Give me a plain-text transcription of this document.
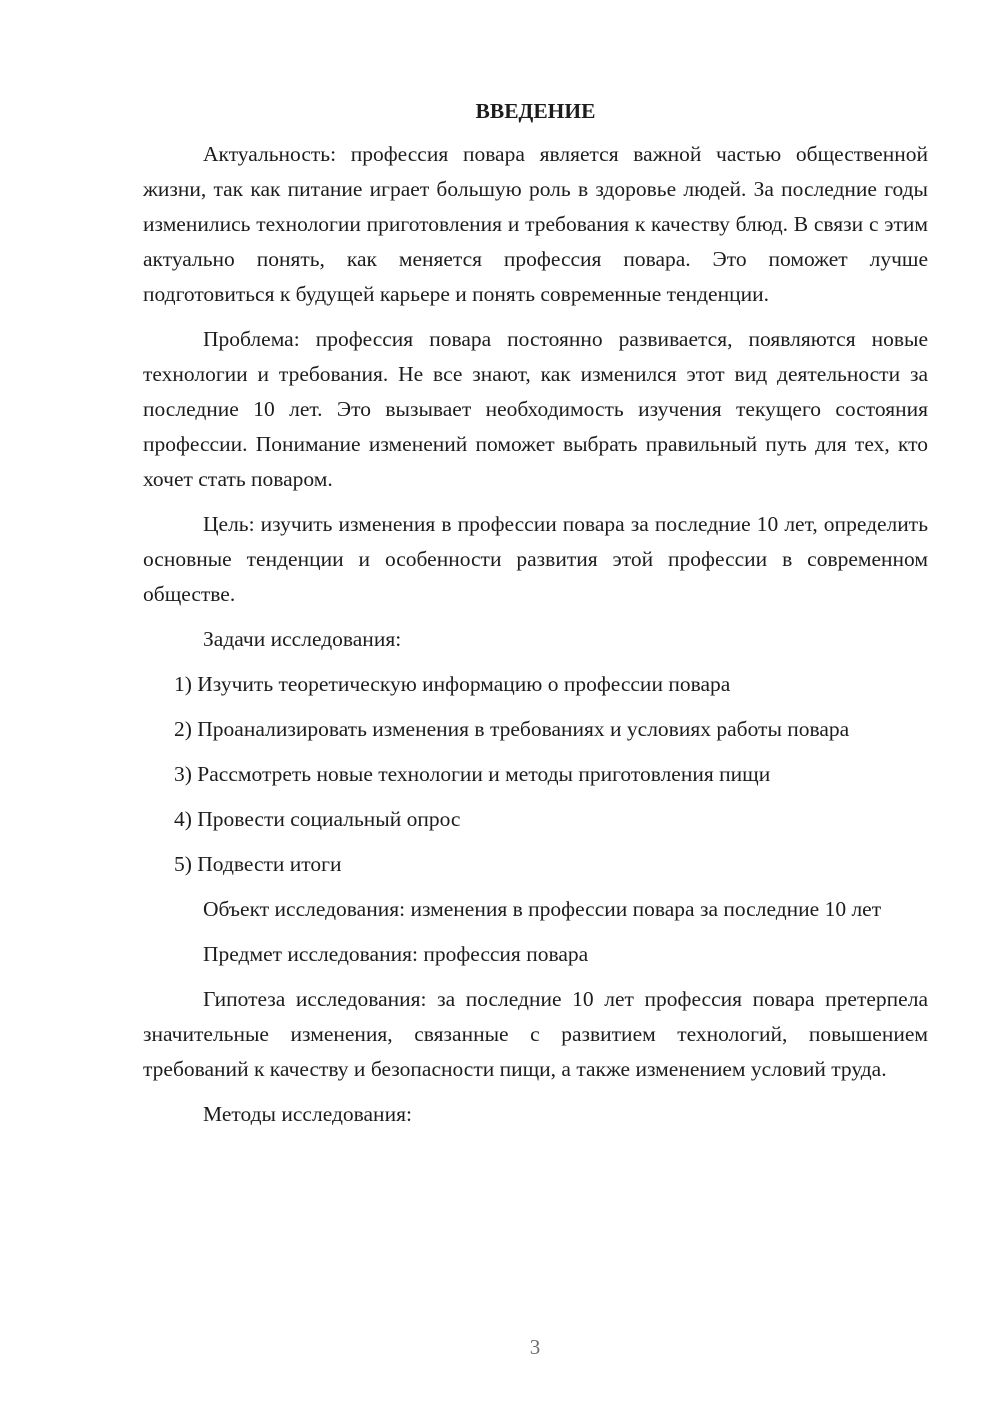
ВВЕДЕНИЕ

Актуальность: профессия повара является важной частью общественной жизни, так как питание играет большую роль в здоровье людей. За последние годы изменились технологии приготовления и требования к качеству блюд. В связи с этим актуально понять, как меняется профессия повара. Это поможет лучше подготовиться к будущей карьере и понять современные тенденции.

Проблема: профессия повара постоянно развивается, появляются новые технологии и требования. Не все знают, как изменился этот вид деятельности за последние 10 лет. Это вызывает необходимость изучения текущего состояния профессии. Понимание изменений поможет выбрать правильный путь для тех, кто хочет стать поваром.

Цель: изучить изменения в профессии повара за последние 10 лет, определить основные тенденции и особенности развития этой профессии в современном обществе.

Задачи исследования:

1) Изучить теоретическую информацию о профессии повара

2) Проанализировать изменения в требованиях и условиях работы повара

3) Рассмотреть новые технологии и методы приготовления пищи

4) Провести социальный опрос

5) Подвести итоги

Объект исследования: изменения в профессии повара за последние 10 лет

Предмет исследования: профессия повара

Гипотеза исследования: за последние 10 лет профессия повара претерпела значительные изменения, связанные с развитием технологий, повышением требований к качеству и безопасности пищи, а также изменением условий труда.

Методы исследования:

3
